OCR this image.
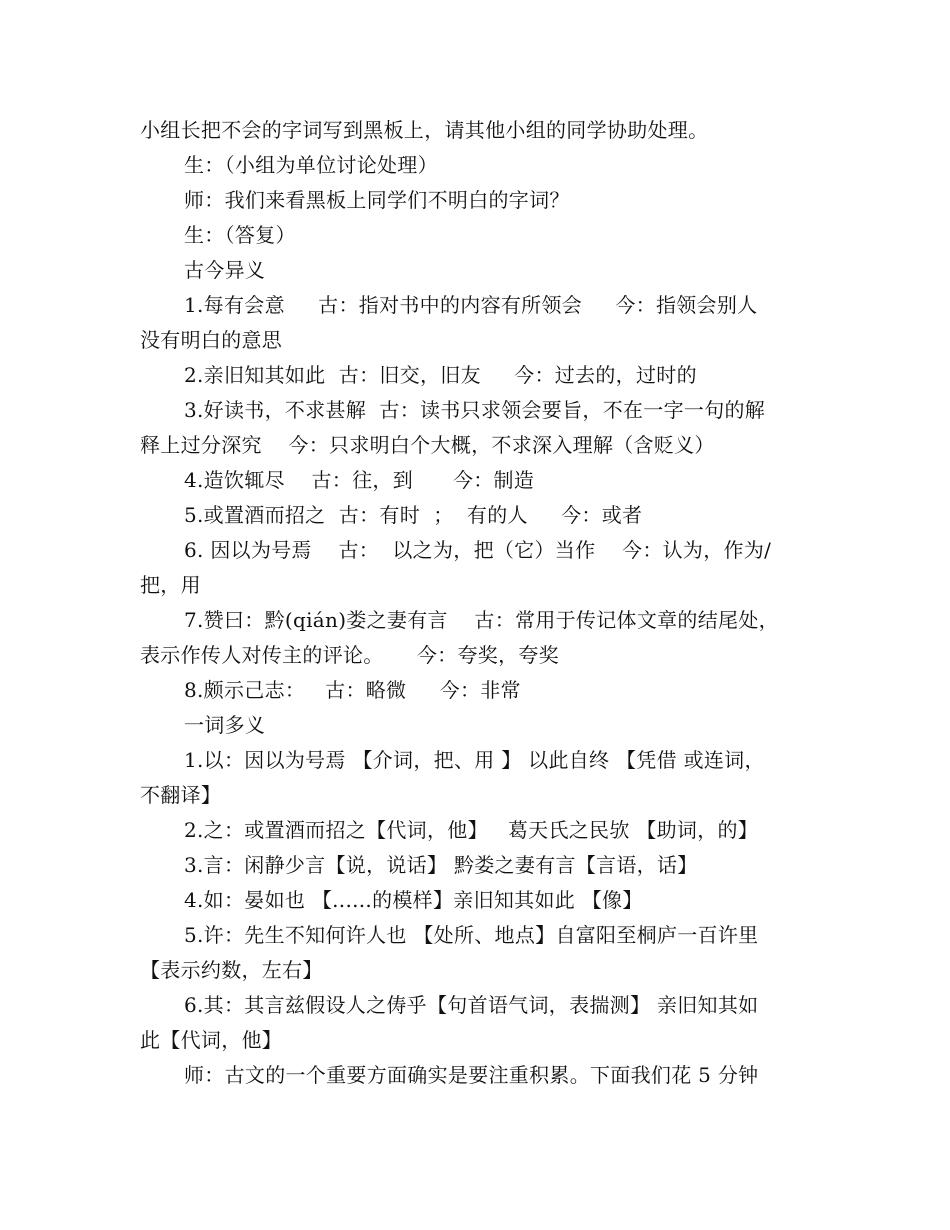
小组长把不会的字词写到黑板上，请其他小组的同学协助处理。
生：（小组为单位讨论处理）
师：我们来看黑板上同学们不明白的字词？
生：（答复）
古今异义
1.每有会意     古：指对书中的内容有所领会     今：指领会别人
没有明白的意思
2.亲旧知其如此  古：旧交，旧友     今：过去的，过时的
3.好读书，不求甚解  古：读书只求领会要旨，不在一字一句的解
释上过分深究    今：只求明白个大概，不求深入理解（含贬义）
4.造饮辄尽    古：往，到      今：制造
5.或置酒而招之  古：有时  ；  有的人     今：或者
6. 因以为号焉    古：  以之为，把（它）当作    今：认为，作为/
把，用
7.赞曰：黔(qián)娄之妻有言    古：常用于传记体文章的结尾处，
表示作传人对传主的评论。     今：夸奖，夸奖
8.颇示己志：   古：略微     今：非常
一词多义
1.以：因以为号焉 【介词，把、用 】 以此自终 【凭借 或连词，
不翻译】
2.之：或置酒而招之【代词，他】   葛天氏之民欤 【助词，的】
3.言：闲静少言【说，说话】 黔娄之妻有言【言语，话】
4.如：晏如也 【......的模样】亲旧知其如此 【像】
5.许：先生不知何许人也 【处所、地点】自富阳至桐庐一百许里
【表示约数，左右】
6.其：其言兹假设人之俦乎【句首语气词，表揣测】 亲旧知其如
此【代词，他】
师：古文的一个重要方面确实是要注重积累。下面我们花 5 分钟
